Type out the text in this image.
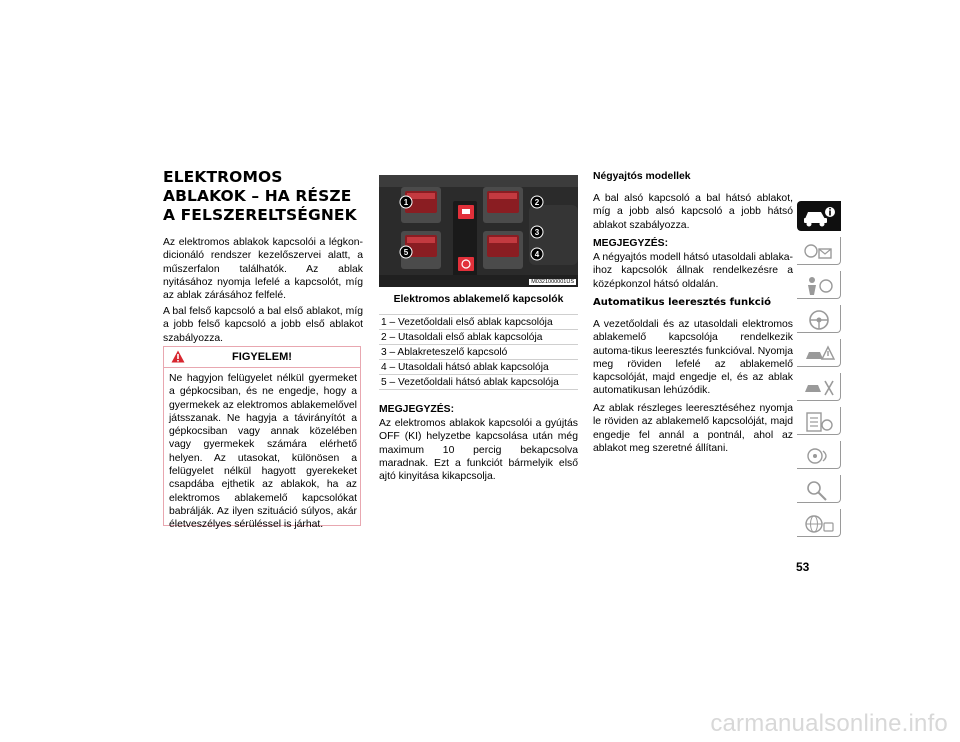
ELEKTROMOS ABLAKOK – HA RÉSZE A FELSZERELTSÉGNEK

Az elektromos ablakok kapcsolói a légkon-dicionáló rendszer kezelőszervei alatt, a műszerfalon találhatók. Az ablak nyitásához nyomja lefelé a kapcsolót, míg az ablak zárásához felfelé.

A bal felső kapcsoló a bal első ablakot, míg a jobb felső kapcsoló a jobb első ablakot szabályozza.

FIGYELEM!

Ne hagyjon felügyelet nélkül gyermeket a gépkocsiban, és ne engedje, hogy a gyermekek az elektromos ablakemelővel játsszanak. Ne hagyja a távirányítót a gépkocsiban vagy annak közelében vagy gyermekek számára elérhető helyen. Az utasokat, különösen a felügyelet nélkül hagyott gyerekeket csapdába ejthetik az ablakok, ha az elektromos ablakemelő kapcsolókat babrálják. Az ilyen szituáció súlyos, akár életveszélyes sérüléssel is járhat.

1	2
3
4
5
M0321000001US
Elektromos ablakemelő kapcsolók
1 – Vezetőoldali első ablak kapcsolója
2 – Utasoldali első ablak kapcsolója
3 – Ablakreteszelő kapcsoló
4 – Utasoldali hátsó ablak kapcsolója
5 – Vezetőoldali hátsó ablak kapcsolója

MEGJEGYZÉS:

Az elektromos ablakok kapcsolói a gyújtás OFF (KI) helyzetbe kapcsolása után még maximum 10 percig bekapcsolva maradnak. Ezt a funkciót bármelyik első ajtó kinyitása kikapcsolja.

Négyajtós modellek

A bal alsó kapcsoló a bal hátsó ablakot, míg a jobb alsó kapcsoló a jobb hátsó ablakot szabályozza.

MEGJEGYZÉS:

A négyajtós modell hátsó utasoldali ablaka-ihoz kapcsolók állnak rendelkezésre a középkonzol hátsó oldalán.

Automatikus leeresztés funkció

A vezetőoldali és az utasoldali elektromos ablakemelő kapcsolója rendelkezik automa-tikus leeresztés funkcióval. Nyomja meg röviden lefelé az ablakemelő kapcsolóját, majd engedje el, és az ablak automatikusan lehúzódik.

Az ablak részleges leeresztéséhez nyomja le röviden az ablakemelő kapcsolóját, majd engedje fel annál a pontnál, ahol az ablakot meg szeretné állítani.

53
carmanualsonline.info
